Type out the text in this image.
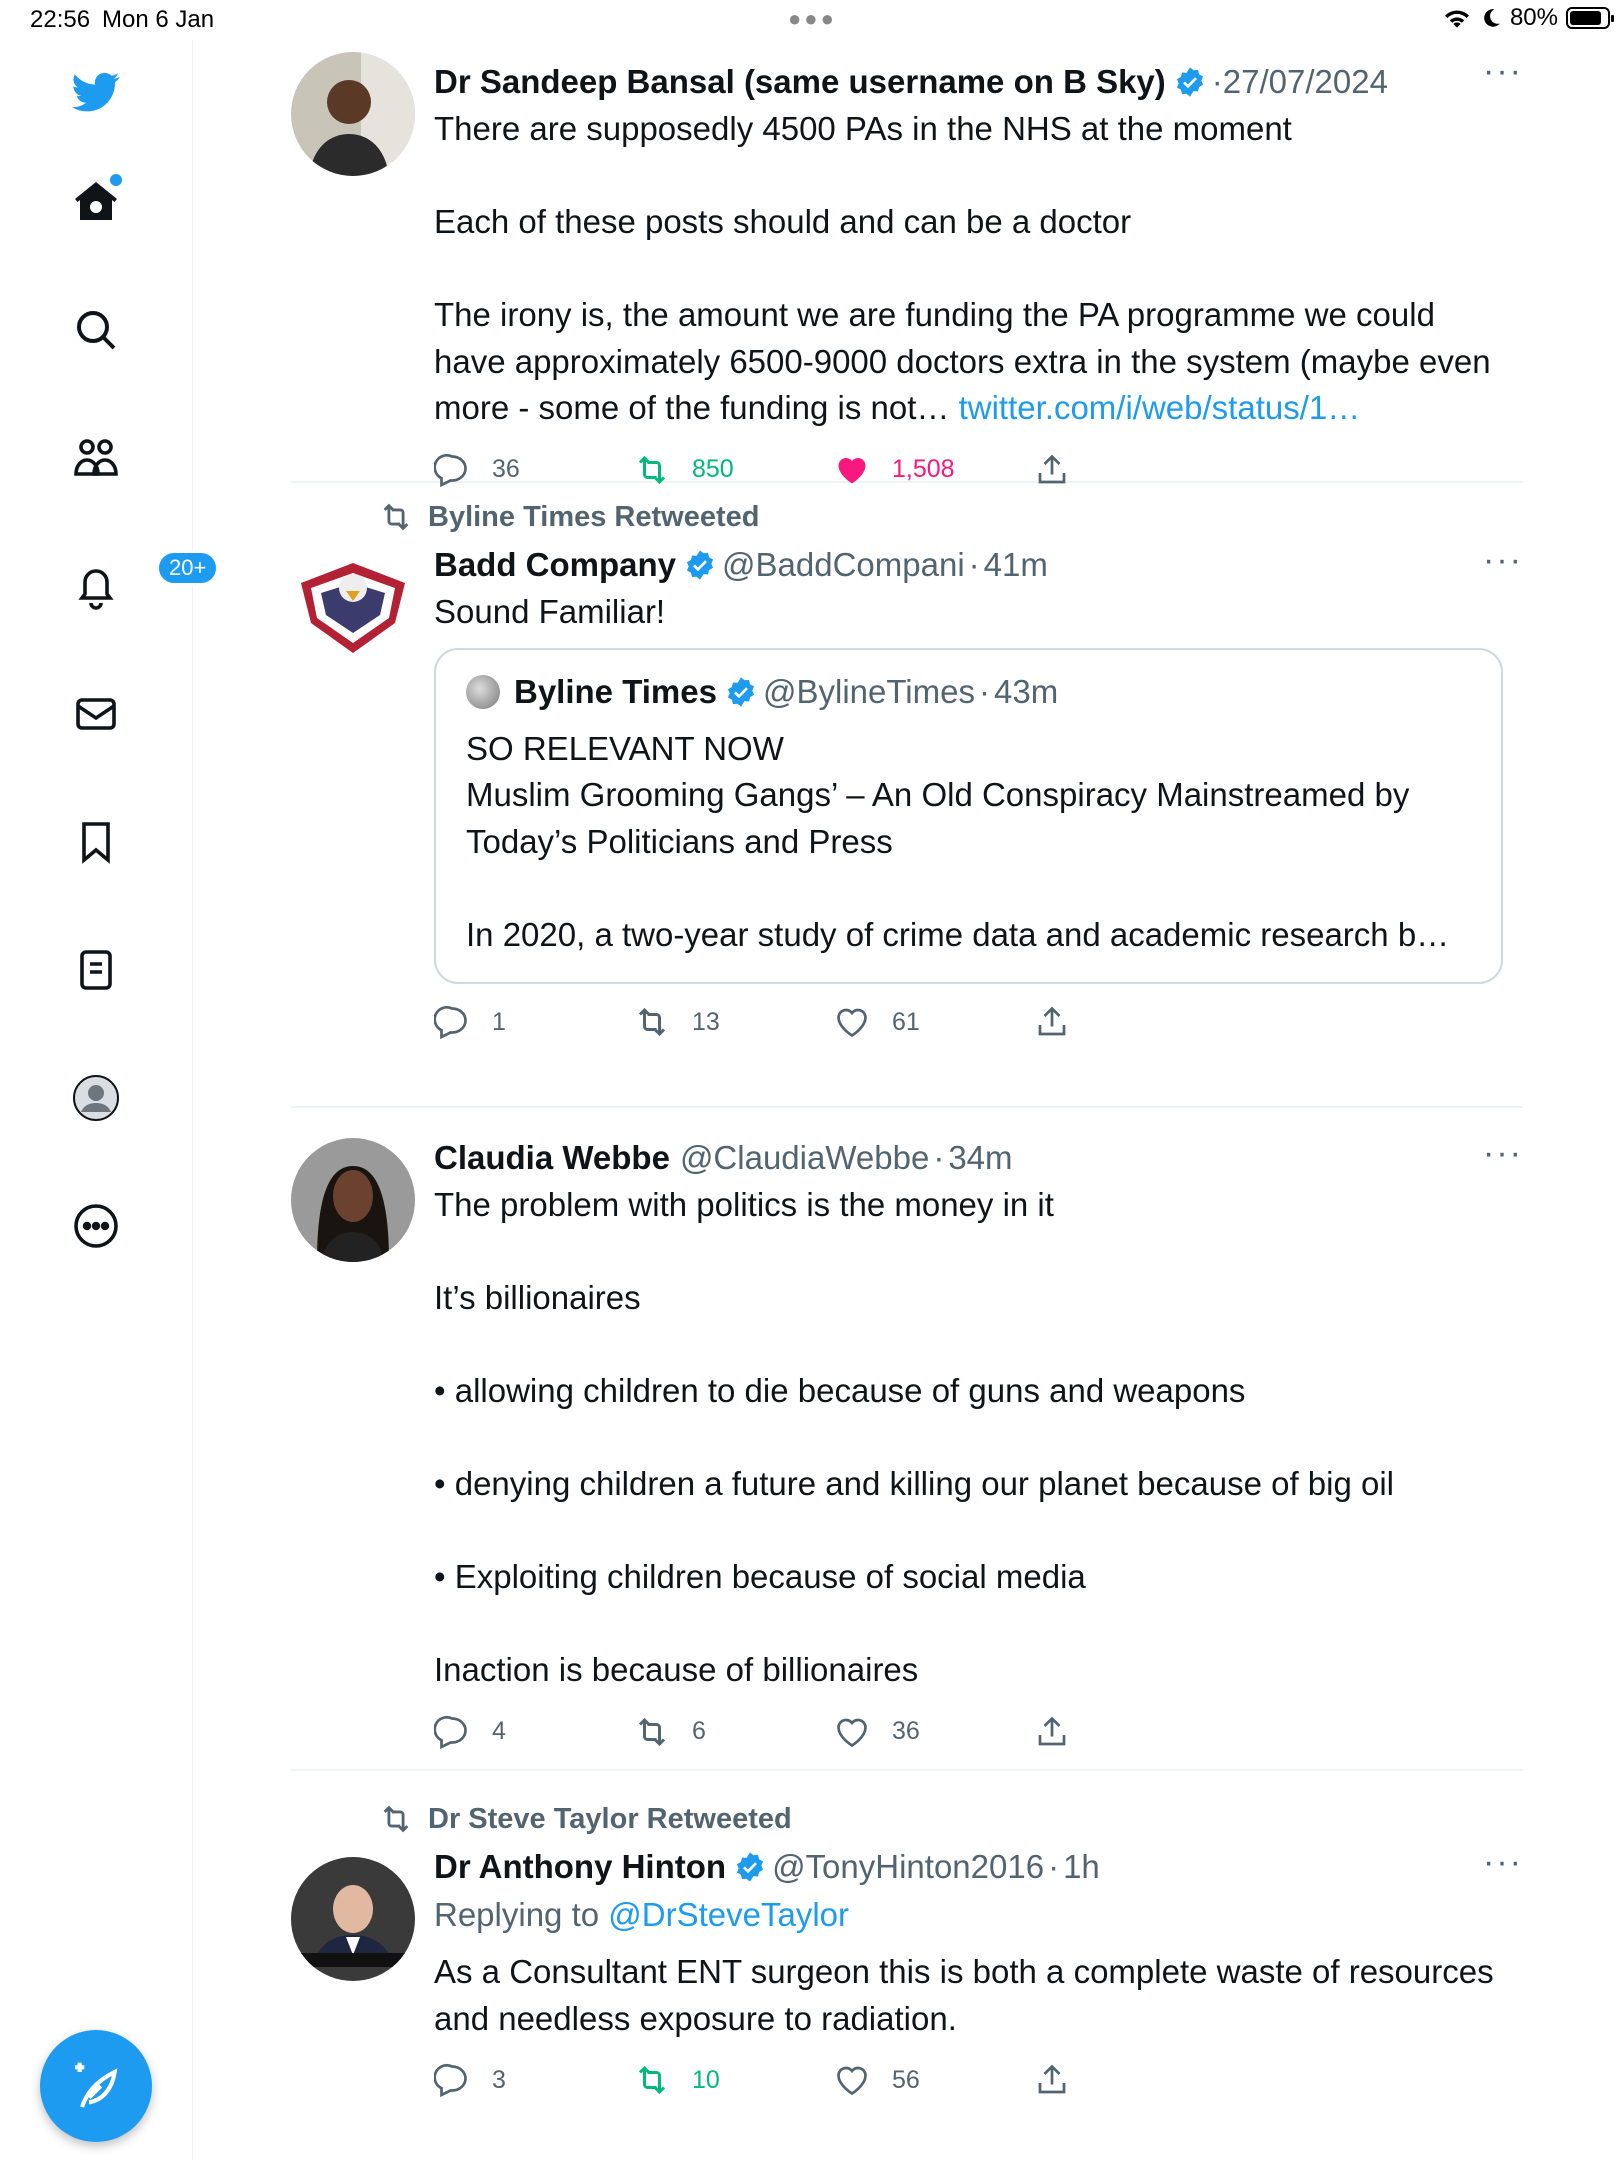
22:56 Mon 6 Jan	●●●	80%
20+
Dr Sandeep Bansal (same username on B Sky) · 27/07/2024	···
There are supposedly 4500 PAs in the NHS at the moment

Each of these posts should and can be a doctor

The irony is, the amount we are funding the PA programme we could have approximately 6500-9000 doctors extra in the system (maybe even more - some of the funding is not… twitter.com/i/web/status/1…
36	850	1,508
Byline Times Retweeted
Badd Company @BaddCompani · 41m	···
Sound Familiar!
Byline Times @BylineTimes · 43m
SO RELEVANT NOW
Muslim Grooming Gangs’ – An Old Conspiracy Mainstreamed by Today’s Politicians and Press

In 2020, a two-year study of crime data and academic research b…
1	13	61
Claudia Webbe @ClaudiaWebbe · 34m	···
The problem with politics is the money in it

It’s billionaires

• allowing children to die because of guns and weapons

• denying children a future and killing our planet because of big oil

• Exploiting children because of social media

Inaction is because of billionaires
4	6	36
Dr Steve Taylor Retweeted
Dr Anthony Hinton @TonyHinton2016 · 1h	···
Replying to @DrSteveTaylor
As a Consultant ENT surgeon this is both a complete waste of resources and needless exposure to radiation.
3	10	56
